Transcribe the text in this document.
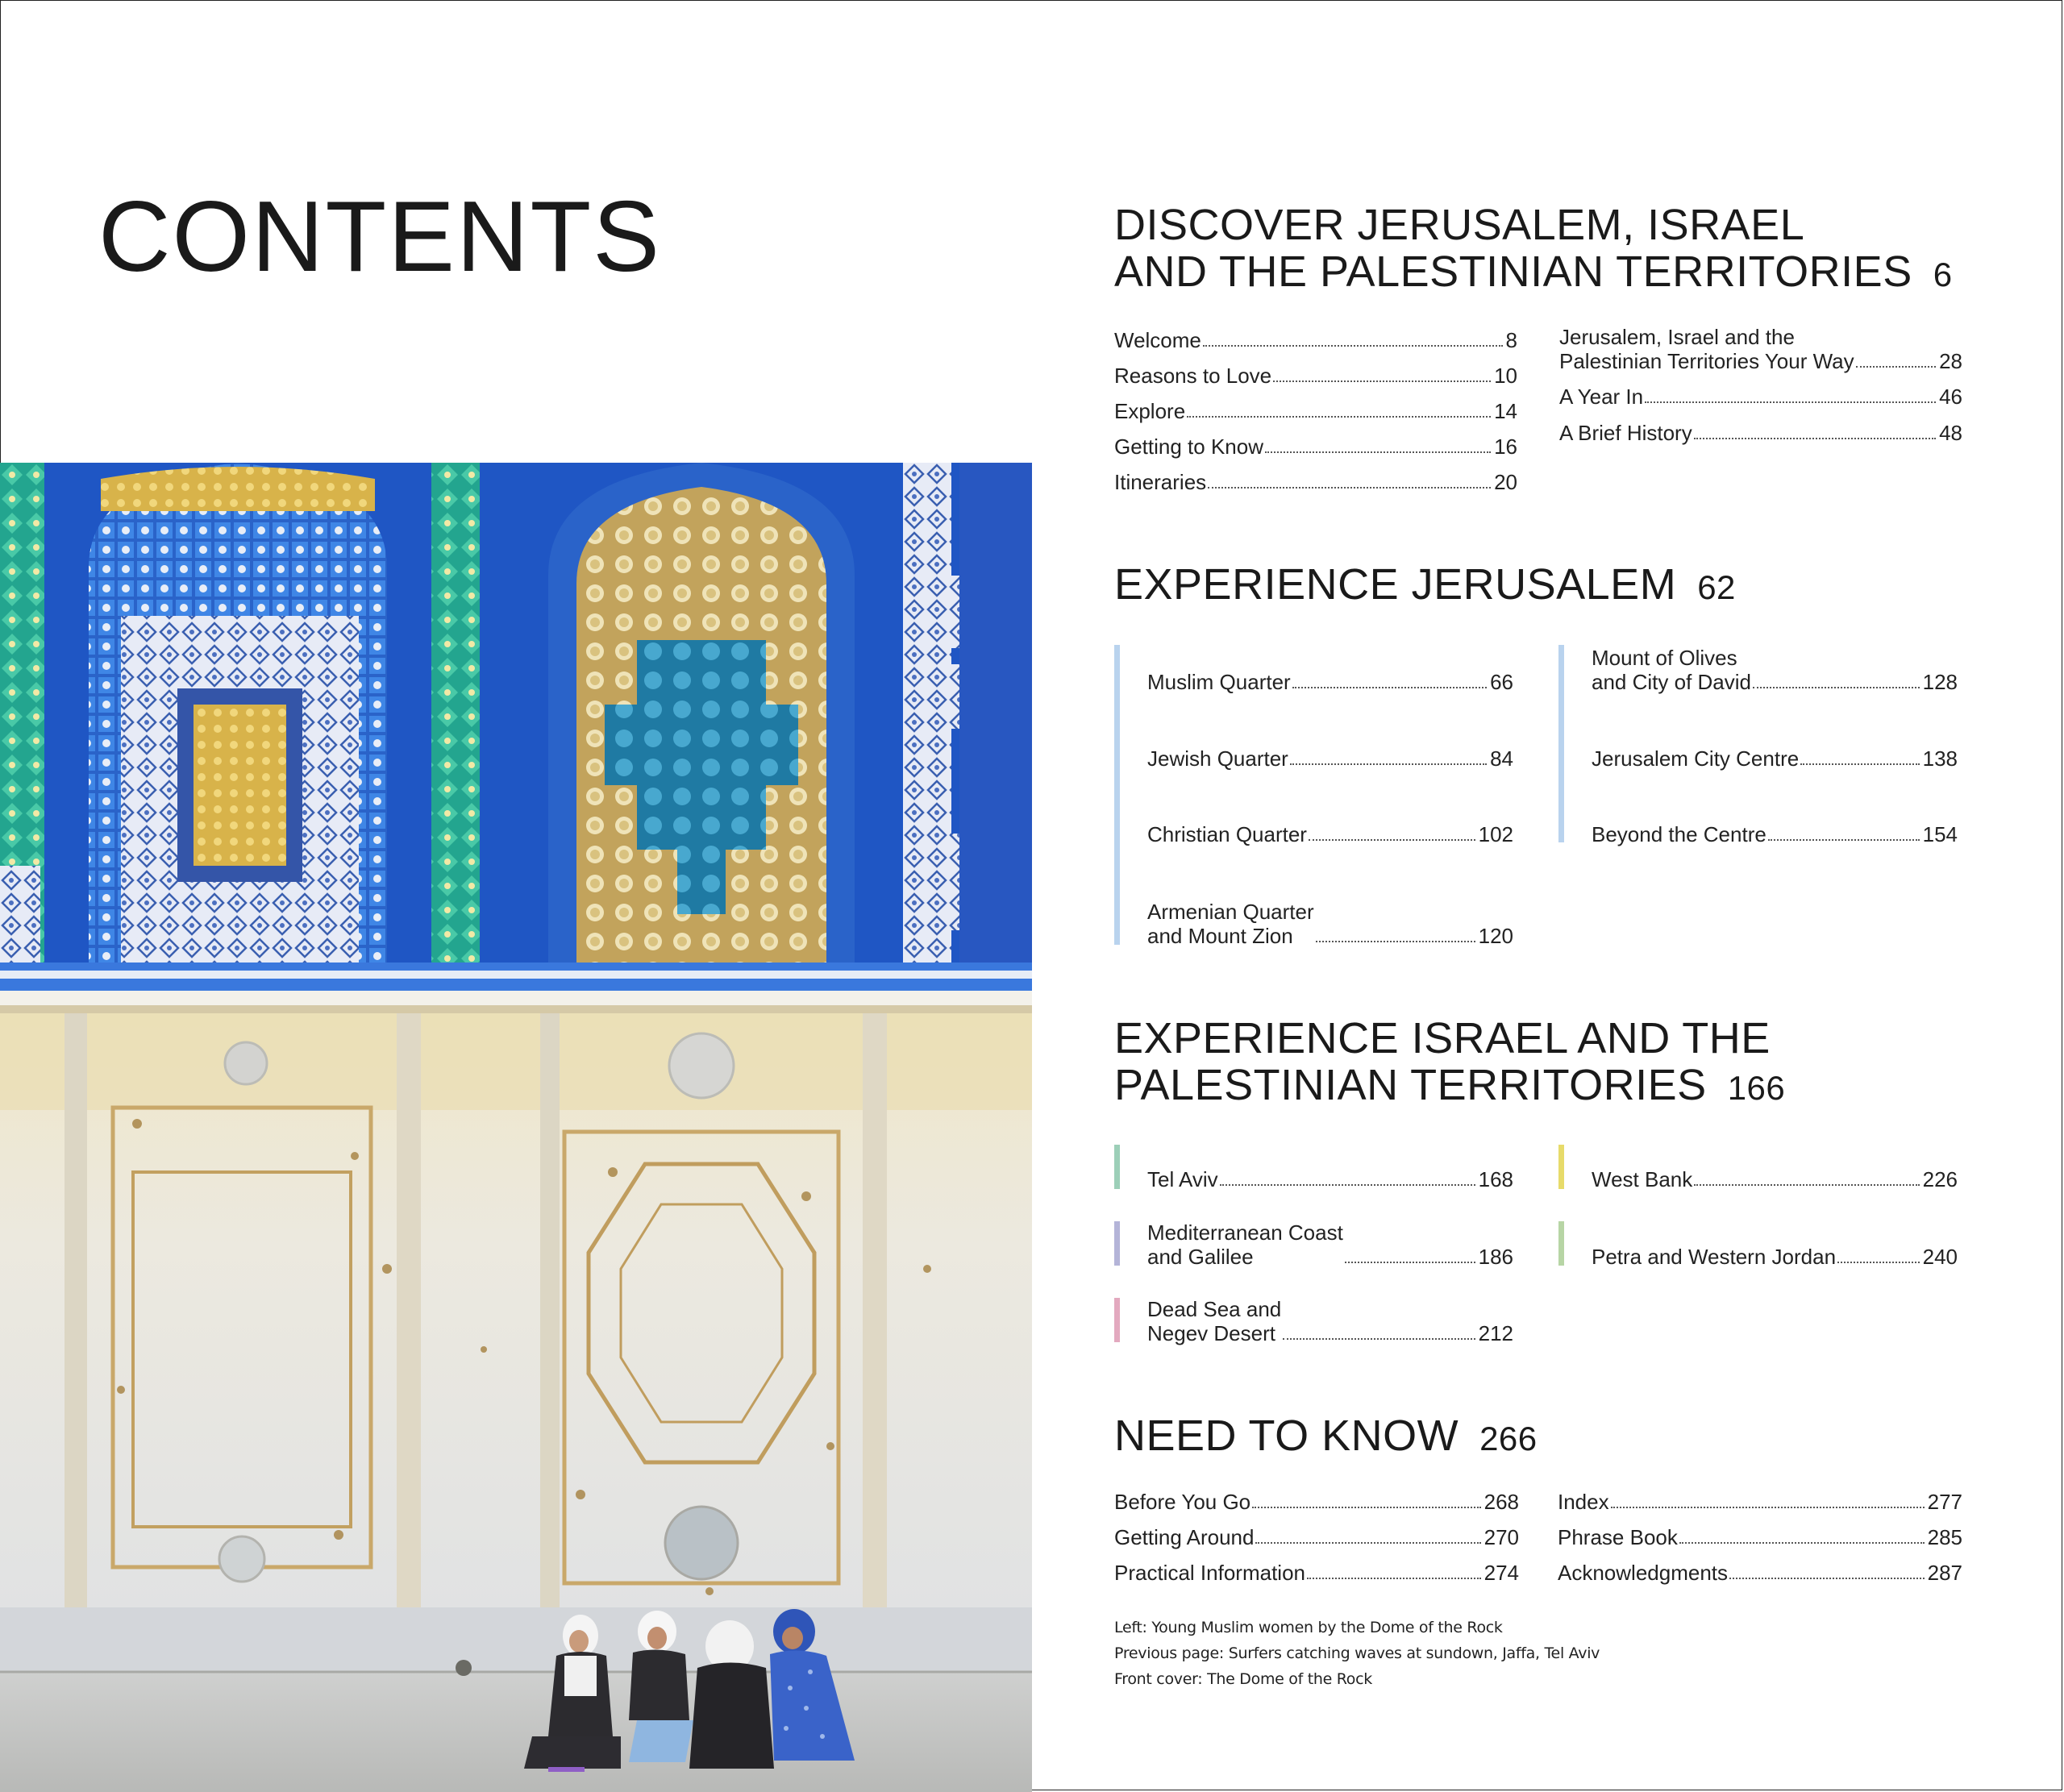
CONTENTS	DISCOVER JERUSALEM, ISRAEL
AND THE PALESTINIAN TERRITORIES 6
Welcome	8
Reasons to Love	10
Explore	14
Getting to Know	16
Itineraries	20
Jerusalem, Israel and the
Palestinian Territories Your Way	28
A Year In	46
A Brief History	48
EXPERIENCE JERUSALEM 62
Muslim Quarter	66
Jewish Quarter	84
Christian Quarter	102
Armenian Quarter
and Mount Zion	120
Mount of Olives
and City of David	128
Jerusalem City Centre	138
Beyond the Centre	154
EXPERIENCE ISRAEL AND THE
PALESTINIAN TERRITORIES 166
Tel Aviv	168
Mediterranean Coast
and Galilee	186
Dead Sea and
Negev Desert	212
West Bank	226
Petra and Western Jordan	240
NEED TO KNOW 266
Before You Go	268
Getting Around	270
Practical Information	274
Index	277
Phrase Book	285
Acknowledgments	287
Left: Young Muslim women by the Dome of the Rock
Previous page: Surfers catching waves at sundown, Jaffa, Tel Aviv
Front cover: The Dome of the Rock
